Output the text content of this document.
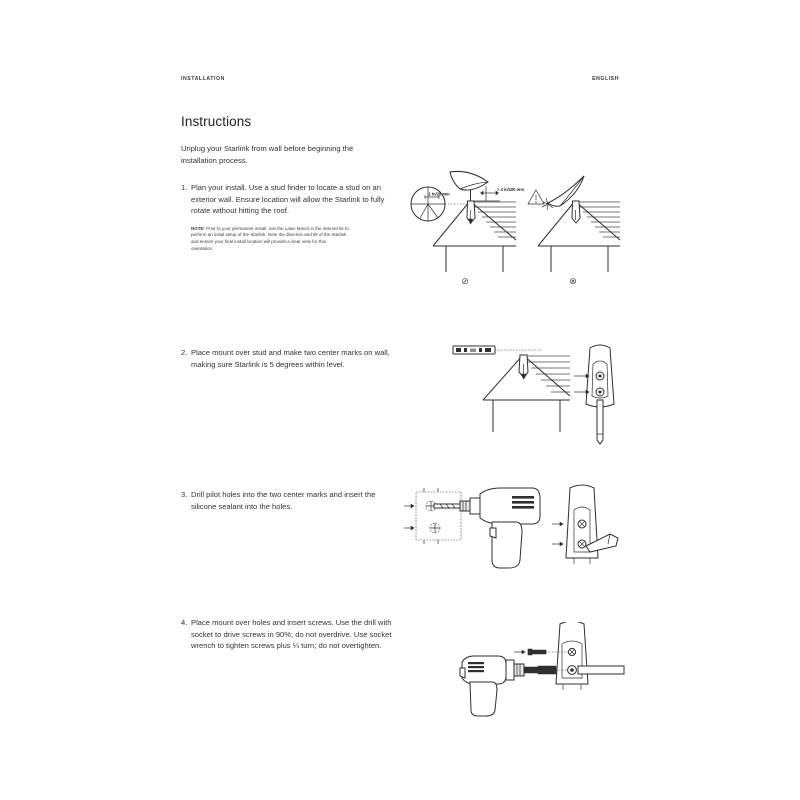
INSTALLATION	ENGLISH
Instructions
Unplug your Starlink from wall before beginning the installation process.
1. Plan your install. Use a stud finder to locate a stud on an exterior wall. Ensure location will allow the Starlink to fully rotate without hitting the roof.
NOTE: Prior to your permanent install, use the Lawn Mount in the internet kit to perform an initial setup of the Starlink. Note the direction and tilt of the Starlink and ensure your final install location will provide a clear view for this orientation.
2. Place mount over stud and make two center marks on wall, making sure Starlink is 5 degrees within level.
3. Drill pilot holes into the two center marks and insert the silicone sealant into the holes.
4. Place mount over holes and insert screws. Use the drill with socket to drive screws in 90%; do not overdrive. Use socket wrench to tighten screws plus ¼ turn; do not overtighten.
> 4 in/100 mm
1 in/25 mm
⊘	⊗
